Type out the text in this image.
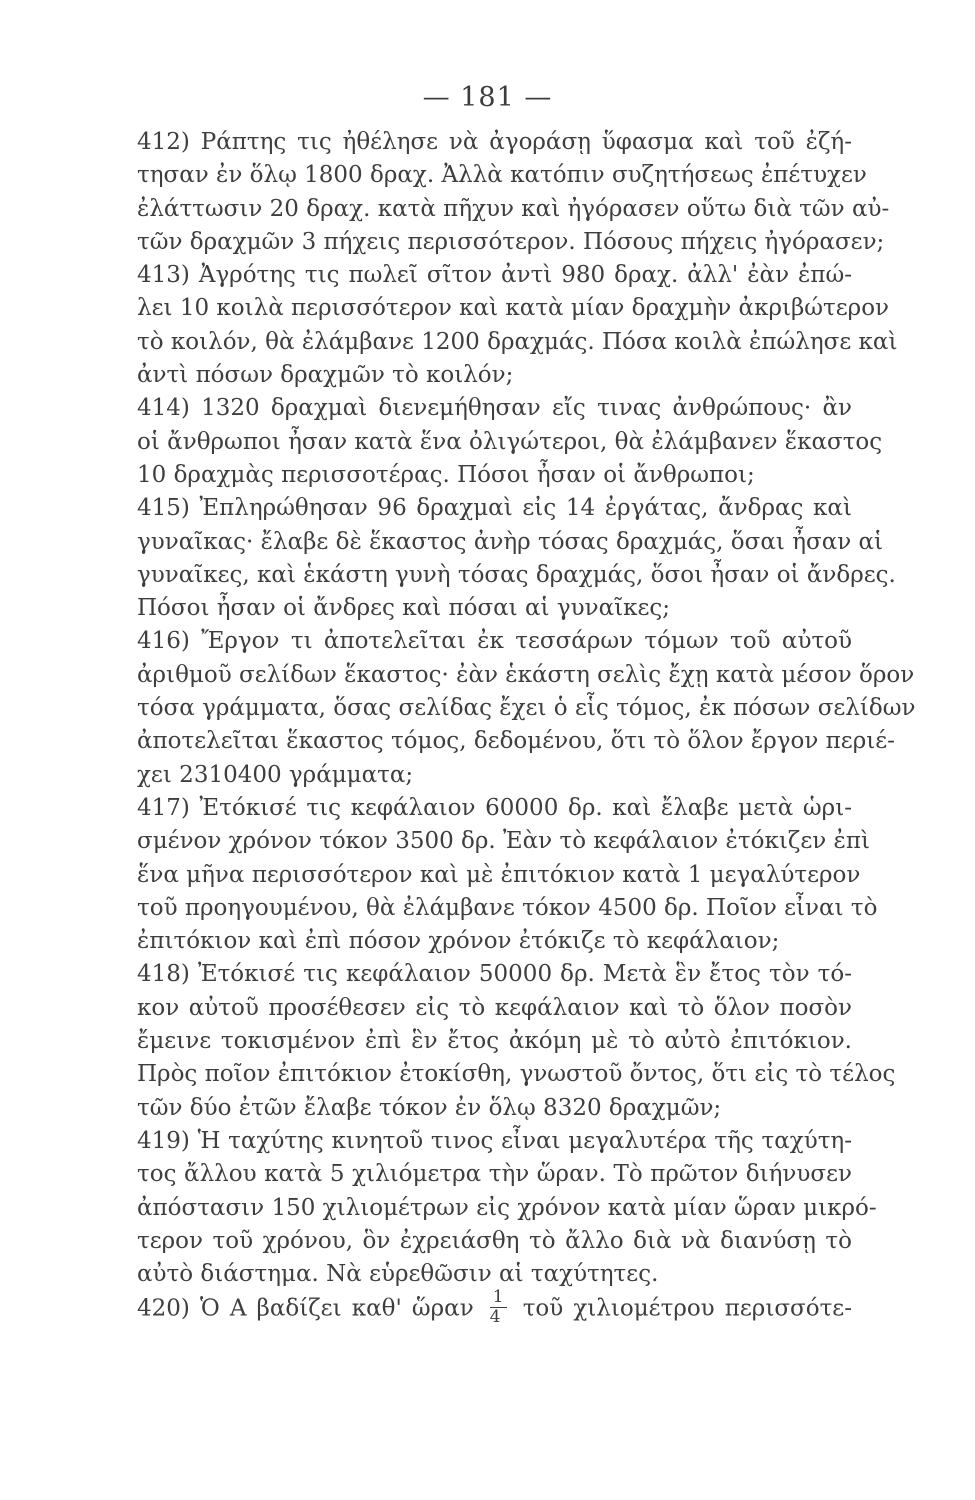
— 181 —
412) Ράπτης τις ἠθέλησε νὰ ἀγοράσῃ ὕφασμα καὶ τοῦ ἐζή-
τησαν ἐν ὅλῳ 1800 δραχ. Ἀλλὰ κατόπιν συζητήσεως ἐπέτυχεν
ἐλάττωσιν 20 δραχ. κατὰ πῆχυν καὶ ἠγόρασεν οὕτω διὰ τῶν αὐ-
τῶν δραχμῶν 3 πήχεις περισσότερον. Πόσους πήχεις ἠγόρασεν;
413) Ἀγρότης τις πωλεῖ σῖτον ἀντὶ 980 δραχ. ἀλλ' ἐὰν ἐπώ-
λει 10 κοιλὰ περισσότερον καὶ κατὰ μίαν δραχμὴν ἀκριβώτερον
τὸ κοιλόν, θὰ ἐλάμβανε 1200 δραχμάς. Πόσα κοιλὰ ἐπώλησε καὶ
ἀντὶ πόσων δραχμῶν τὸ κοιλόν;
414) 1320 δραχμαὶ διενεμήθησαν εἴς τινας ἀνθρώπους· ἂν
οἱ ἄνθρωποι ἦσαν κατὰ ἕνα ὀλιγώτεροι, θὰ ἐλάμβανεν ἕκαστος
10 δραχμὰς περισσοτέρας. Πόσοι ἦσαν οἱ ἄνθρωποι;
415) Ἐπληρώθησαν 96 δραχμαὶ εἰς 14 ἐργάτας, ἄνδρας καὶ
γυναῖκας· ἔλαβε δὲ ἕκαστος ἀνὴρ τόσας δραχμάς, ὅσαι ἦσαν αἱ
γυναῖκες, καὶ ἑκάστη γυνὴ τόσας δραχμάς, ὅσοι ἦσαν οἱ ἄνδρες.
Πόσοι ἦσαν οἱ ἄνδρες καὶ πόσαι αἱ γυναῖκες;
416) Ἔργον τι ἀποτελεῖται ἐκ τεσσάρων τόμων τοῦ αὐτοῦ
ἀριθμοῦ σελίδων ἕκαστος· ἐὰν ἑκάστη σελὶς ἔχῃ κατὰ μέσον ὅρον
τόσα γράμματα, ὅσας σελίδας ἔχει ὁ εἷς τόμος, ἐκ πόσων σελίδων
ἀποτελεῖται ἕκαστος τόμος, δεδομένου, ὅτι τὸ ὅλον ἔργον περιέ-
χει 2310400 γράμματα;
417) Ἐτόκισέ τις κεφάλαιον 60000 δρ. καὶ ἔλαβε μετὰ ὡρι-
σμένον χρόνον τόκον 3500 δρ. Ἐὰν τὸ κεφάλαιον ἐτόκιζεν ἐπὶ
ἕνα μῆνα περισσότερον καὶ μὲ ἐπιτόκιον κατὰ 1 μεγαλύτερον
τοῦ προηγουμένου, θὰ ἐλάμβανε τόκον 4500 δρ. Ποῖον εἶναι τὸ
ἐπιτόκιον καὶ ἐπὶ πόσον χρόνον ἐτόκιζε τὸ κεφάλαιον;
418) Ἐτόκισέ τις κεφάλαιον 50000 δρ. Μετὰ ἓν ἔτος τὸν τό-
κον αὐτοῦ προσέθεσεν εἰς τὸ κεφάλαιον καὶ τὸ ὅλον ποσὸν
ἔμεινε τοκισμένον ἐπὶ ἓν ἔτος ἀκόμη μὲ τὸ αὐτὸ ἐπιτόκιον.
Πρὸς ποῖον ἐπιτόκιον ἐτοκίσθη, γνωστοῦ ὄντος, ὅτι εἰς τὸ τέλος
τῶν δύο ἐτῶν ἔλαβε τόκον ἐν ὅλῳ 8320 δραχμῶν;
419) Ἡ ταχύτης κινητοῦ τινος εἶναι μεγαλυτέρα τῆς ταχύτη-
τος ἄλλου κατὰ 5 χιλιόμετρα τὴν ὥραν. Τὸ πρῶτον διήνυσεν
ἀπόστασιν 150 χιλιομέτρων εἰς χρόνον κατὰ μίαν ὥραν μικρό-
τερον τοῦ χρόνου, ὃν ἐχρειάσθη τὸ ἄλλο διὰ νὰ διανύσῃ τὸ
αὐτὸ διάστημα. Νὰ εὑρεθῶσιν αἱ ταχύτητες.
420) Ὁ Α βαδίζει καθ' ὥραν $\frac{1}{4}$ τοῦ χιλιομέτρου περισσότε-
